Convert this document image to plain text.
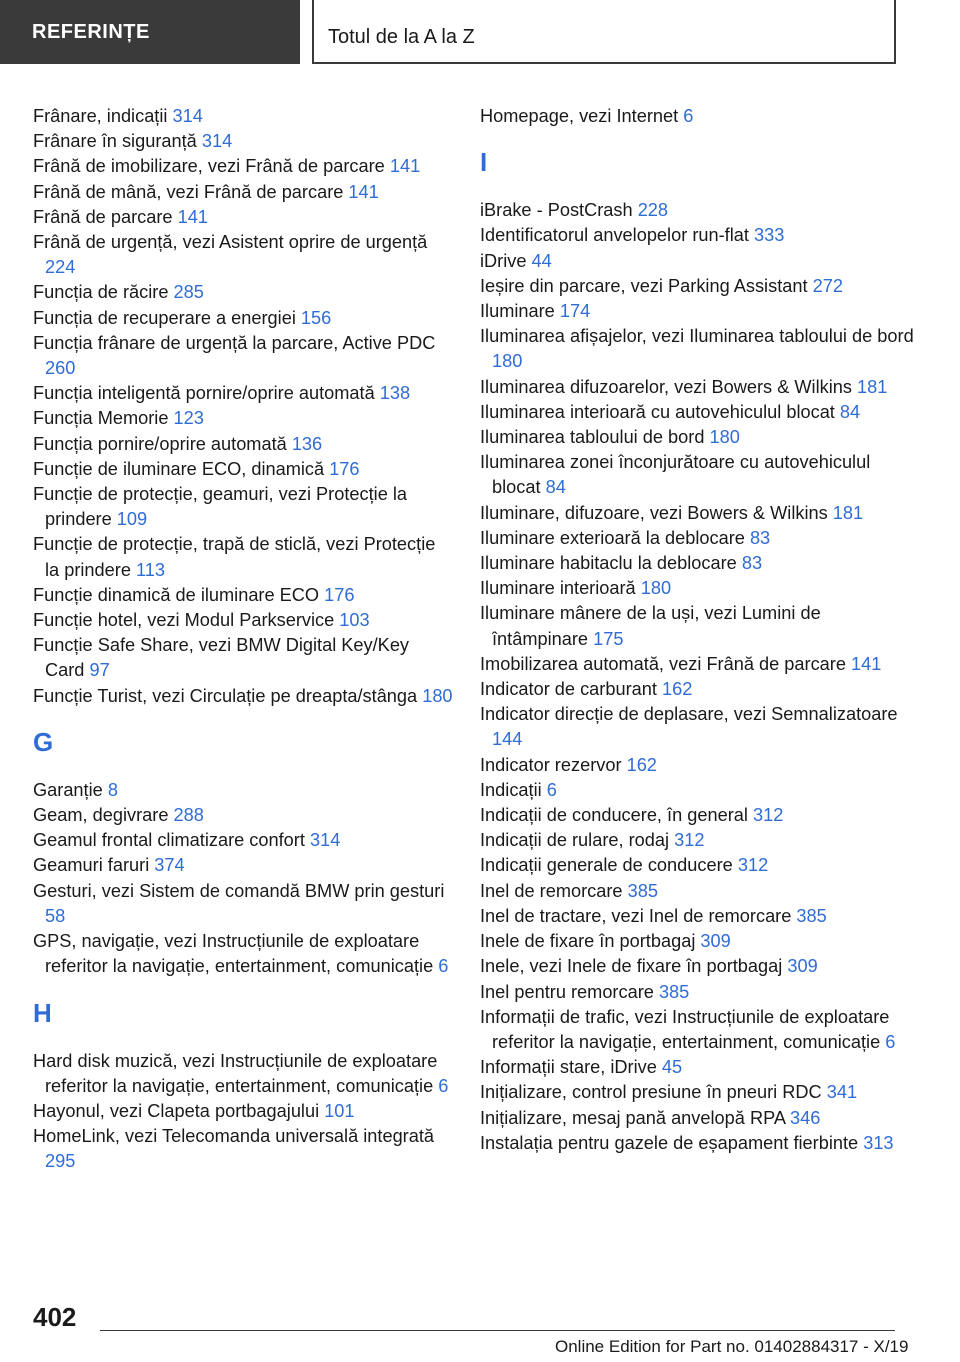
REFERINȚE	Totul de la A la Z
Frânare, indicații 314
Frânare în siguranță 314
Frână de imobilizare, vezi Frână de parcare 141
Frână de mână, vezi Frână de parcare 141
Frână de parcare 141
Frână de urgență, vezi Asistent oprire de urgență 224
Funcția de răcire 285
Funcția de recuperare a energiei 156
Funcția frânare de urgență la parcare, Active PDC 260
Funcția inteligentă pornire/oprire automată 138
Funcția Memorie 123
Funcția pornire/oprire automată 136
Funcție de iluminare ECO, dinamică 176
Funcție de protecție, geamuri, vezi Protecție la prindere 109
Funcție de protecție, trapă de sticlă, vezi Protecție la prindere 113
Funcție dinamică de iluminare ECO 176
Funcție hotel, vezi Modul Parkservice 103
Funcție Safe Share, vezi BMW Digital Key/Key Card 97
Funcție Turist, vezi Circulație pe dreapta/stânga 180
G
Garanție 8
Geam, degivrare 288
Geamul frontal climatizare confort 314
Geamuri faruri 374
Gesturi, vezi Sistem de comandă BMW prin gesturi 58
GPS, navigație, vezi Instrucțiunile de exploatare referitor la navigație, entertainment, comunicație 6
H
Hard disk muzică, vezi Instrucțiunile de exploatare referitor la navigație, entertainment, comunicație 6
Hayonul, vezi Clapeta portbagajului 101
HomeLink, vezi Telecomanda universală integrată 295
Homepage, vezi Internet 6
I
iBrake - PostCrash 228
Identificatorul anvelopelor run-flat 333
iDrive 44
Ieșire din parcare, vezi Parking Assistant 272
Iluminare 174
Iluminarea afișajelor, vezi Iluminarea tabloului de bord 180
Iluminarea difuzoarelor, vezi Bowers & Wilkins 181
Iluminarea interioară cu autovehiculul blocat 84
Iluminarea tabloului de bord 180
Iluminarea zonei înconjurătoare cu autovehiculul blocat 84
Iluminare, difuzoare, vezi Bowers & Wilkins 181
Iluminare exterioară la deblocare 83
Iluminare habitaclu la deblocare 83
Iluminare interioară 180
Iluminare mânere de la uși, vezi Lumini de întâmpinare 175
Imobilizarea automată, vezi Frână de parcare 141
Indicator de carburant 162
Indicator direcție de deplasare, vezi Semnalizatoare 144
Indicator rezervor 162
Indicații 6
Indicații de conducere, în general 312
Indicații de rulare, rodaj 312
Indicații generale de conducere 312
Inel de remorcare 385
Inel de tractare, vezi Inel de remorcare 385
Inele de fixare în portbagaj 309
Inele, vezi Inele de fixare în portbagaj 309
Inel pentru remorcare 385
Informații de trafic, vezi Instrucțiunile de exploatare referitor la navigație, entertainment, comunicație 6
Informații stare, iDrive 45
Inițializare, control presiune în pneuri RDC 341
Inițializare, mesaj pană anvelopă RPA 346
Instalația pentru gazele de eșapament fierbinte 313
402
Online Edition for Part no. 01402884317 - X/19
